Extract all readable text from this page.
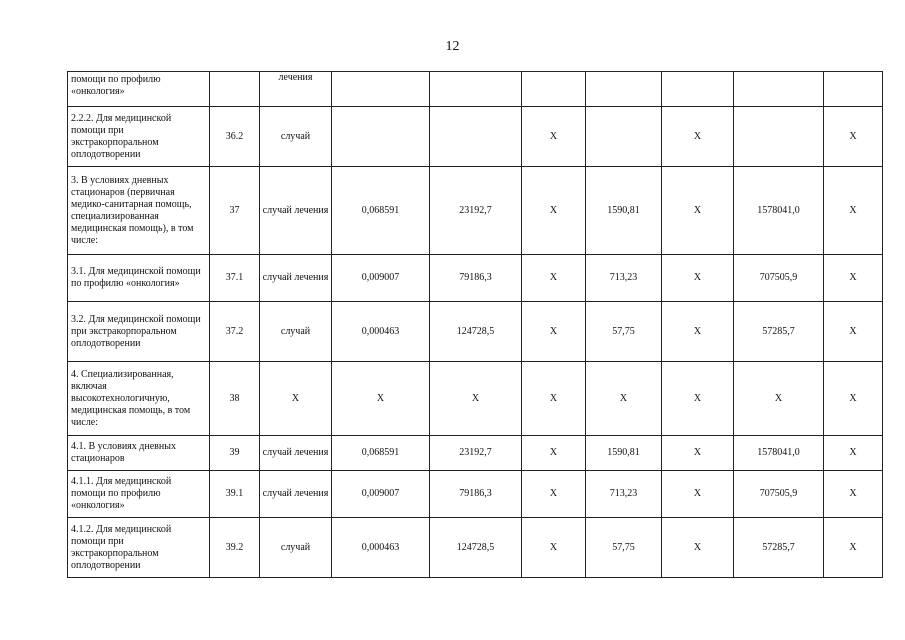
12
помощи по профилю «онкология»		лечения							
2.2.2. Для медицинской помощи при экстракорпоральном оплодотворении	36.2	случай			X		X		X
3. В условиях дневных стационаров (первичная медико-санитарная помощь, специализированная медицинская помощь), в том числе:	37	случай лечения	0,068591	23192,7	X	1590,81	X	1578041,0	X
3.1. Для медицинской помощи по профилю «онкология»	37.1	случай лечения	0,009007	79186,3	X	713,23	X	707505,9	X
3.2. Для медицинской помощи при экстракорпоральном оплодотворении	37.2	случай	0,000463	124728,5	X	57,75	X	57285,7	X
4. Специализированная, включая высокотехнологичную, медицинская помощь, в том числе:	38	X	X	X	X	X	X	X	X
4.1. В условиях дневных стационаров	39	случай лечения	0,068591	23192,7	X	1590,81	X	1578041,0	X
4.1.1. Для медицинской помощи по профилю «онкология»	39.1	случай лечения	0,009007	79186,3	X	713,23	X	707505,9	X
4.1.2. Для медицинской помощи при экстракорпоральном оплодотворении	39.2	случай	0,000463	124728,5	X	57,75	X	57285,7	X
